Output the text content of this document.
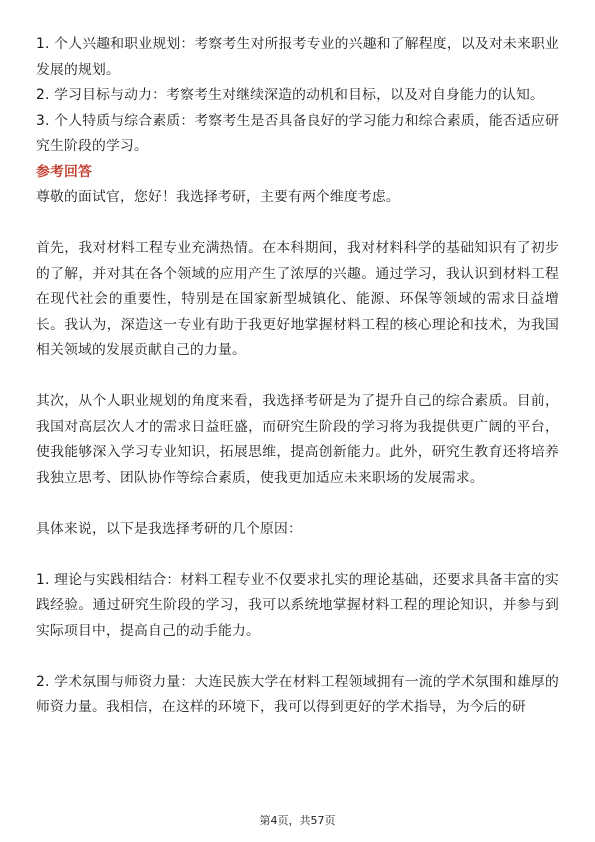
1. 个人兴趣和职业规划：考察考生对所报考专业的兴趣和了解程度，以及对未来职业发展的规划。

2. 学习目标与动力：考察考生对继续深造的动机和目标，以及对自身能力的认知。

3. 个人特质与综合素质：考察考生是否具备良好的学习能力和综合素质，能否适应研究生阶段的学习。

参考回答

尊敬的面试官，您好！我选择考研，主要有两个维度考虑。

首先，我对材料工程专业充满热情。在本科期间，我对材料科学的基础知识有了初步的了解，并对其在各个领域的应用产生了浓厚的兴趣。通过学习，我认识到材料工程在现代社会的重要性，特别是在国家新型城镇化、能源、环保等领域的需求日益增长。我认为，深造这一专业有助于我更好地掌握材料工程的核心理论和技术，为我国相关领域的发展贡献自己的力量。

其次，从个人职业规划的角度来看，我选择考研是为了提升自己的综合素质。目前，我国对高层次人才的需求日益旺盛，而研究生阶段的学习将为我提供更广阔的平台，使我能够深入学习专业知识，拓展思维，提高创新能力。此外，研究生教育还将培养我独立思考、团队协作等综合素质，使我更加适应未来职场的发展需求。

具体来说，以下是我选择考研的几个原因：

1. 理论与实践相结合：材料工程专业不仅要求扎实的理论基础，还要求具备丰富的实践经验。通过研究生阶段的学习，我可以系统地掌握材料工程的理论知识，并参与到实际项目中，提高自己的动手能力。

2. 学术氛围与师资力量：大连民族大学在材料工程领域拥有一流的学术氛围和雄厚的师资力量。我相信，在这样的环境下，我可以得到更好的学术指导，为今后的研

第4页，共57页
